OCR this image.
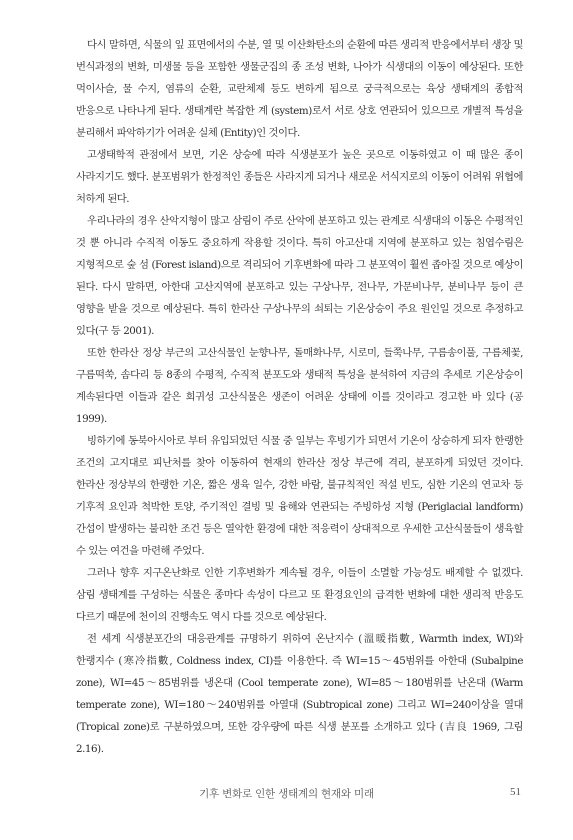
다시 말하면, 식물의 잎 표면에서의 수분, 열 및 이산화탄소의 순환에 따른 생리적 반응에서부터 생장 및 번식과정의 변화, 미생물 등을 포함한 생물군집의 종 조성 변화, 나아가 식생대의 이동이 예상된다. 또한 먹이사슬, 물 수지, 염류의 순환, 교란체제 등도 변하게 됨으로 궁극적으로는 육상 생태계의 종합적 반응으로 나타나게 된다. 생태계란 복잡한 계 (system)로서 서로 상호 연관되어 있으므로 개별적 특성을 분리해서 파악하기가 어려운 실체 (Entity)인 것이다.

고생태학적 관점에서 보면, 기온 상승에 따라 식생분포가 높은 곳으로 이동하였고 이 때 많은 종이 사라지기도 했다. 분포범위가 한정적인 종들은 사라지게 되거나 새로운 서식지로의 이동이 어려워 위협에 처하게 된다.

우리나라의 경우 산악지형이 많고 삼림이 주로 산악에 분포하고 있는 관계로 식생대의 이동은 수평적인 것 뿐 아니라 수직적 이동도 중요하게 작용할 것이다. 특히 아고산대 지역에 분포하고 있는 침엽수림은 지형적으로 숲 섬 (Forest island)으로 격리되어 기후변화에 따라 그 분포역이 훨씬 좁아질 것으로 예상이 된다. 다시 말하면, 아한대 고산지역에 분포하고 있는 구상나무, 전나무, 가문비나무, 분비나무 등이 큰 영향을 받을 것으로 예상된다. 특히 한라산 구상나무의 쇠퇴는 기온상승이 주요 원인일 것으로 추정하고 있다(구 등 2001).

또한 한라산 정상 부근의 고산식물인 눈향나무, 돌매화나무, 시로미, 들쭉나무, 구름송이풀, 구름체꽃, 구름떡쑥, 솜다리 등 8종의 수평적, 수직적 분포도와 생태적 특성을 분석하여 지금의 추세로 기온상승이 계속된다면 이들과 같은 희귀성 고산식물은 생존이 어려운 상태에 이를 것이라고 경고한 바 있다 (공 1999).

빙하기에 동북아시아로 부터 유입되었던 식물 중 일부는 후빙기가 되면서 기온이 상승하게 되자 한랭한 조건의 고지대로 피난처를 찾아 이동하여 현재의 한라산 정상 부근에 격리, 분포하게 되었던 것이다. 한라산 정상부의 한랭한 기온, 짧은 생육 일수, 강한 바람, 불규칙적인 적설 빈도, 심한 기온의 연교차 등 기후적 요인과 척박한 토양, 주기적인 결빙 및 융해와 연관되는 주빙하성 지형 (Periglacial landform) 간섭이 발생하는 불리한 조건 등은 열악한 환경에 대한 적응력이 상대적으로 우세한 고산식물들이 생육할 수 있는 여건을 마련해 주었다.

그러나 향후 지구온난화로 인한 기후변화가 계속될 경우, 이들이 소멸할 가능성도 배제할 수 없겠다. 삼림 생태계를 구성하는 식물은 종마다 속성이 다르고 또 환경요인의 급격한 변화에 대한 생리적 반응도 다르기 때문에 천이의 진행속도 역시 다를 것으로 예상된다.

전 세계 식생분포간의 대응관계를 규명하기 위하여 온난지수 (溫暖指數, Warmth index, WI)와 한랭지수 (寒冷指數, Coldness index, CI)를 이용한다. 즉 WI=15～45범위를 아한대 (Subalpine zone), WI=45～85범위를 냉온대 (Cool temperate zone), WI=85～180범위를 난온대 (Warm temperate zone), WI=180～240범위를 아열대 (Subtropical zone) 그리고 WI=240이상을 열대 (Tropical zone)로 구분하였으며, 또한 강우량에 따른 식생 분포를 소개하고 있다 (吉良 1969, 그림 2.16).

기후 변화로 인한 생태계의 현재와 미래	51
